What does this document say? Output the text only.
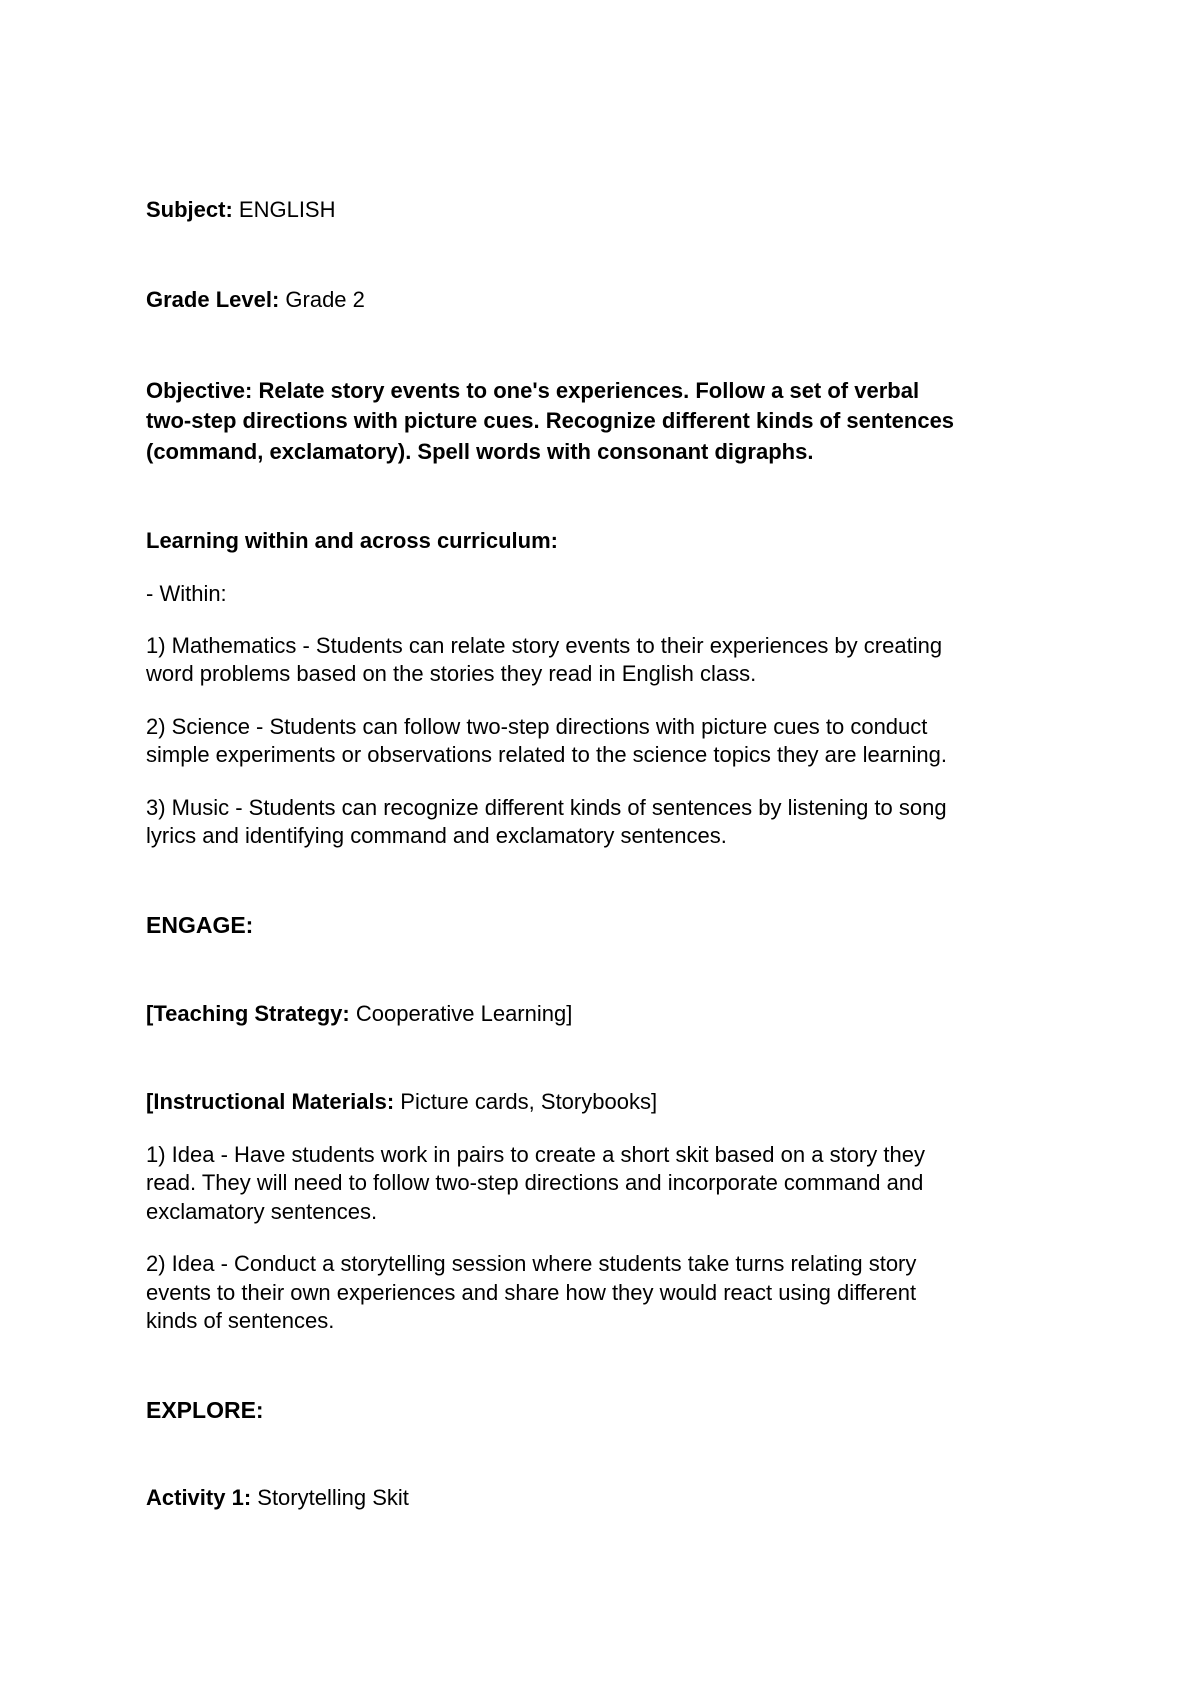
Subject: ENGLISH

Grade Level: Grade 2

Objective: Relate story events to one's experiences. Follow a set of verbal

two-step directions with picture cues. Recognize different kinds of sentences

(command, exclamatory). Spell words with consonant digraphs.

Learning within and across curriculum:

- Within:

1) Mathematics - Students can relate story events to their experiences by creating

word problems based on the stories they read in English class.

2) Science - Students can follow two-step directions with picture cues to conduct

simple experiments or observations related to the science topics they are learning.

3) Music - Students can recognize different kinds of sentences by listening to song

lyrics and identifying command and exclamatory sentences.

ENGAGE:

[Teaching Strategy: Cooperative Learning]

[Instructional Materials: Picture cards, Storybooks]

1) Idea - Have students work in pairs to create a short skit based on a story they

read. They will need to follow two-step directions and incorporate command and

exclamatory sentences.

2) Idea - Conduct a storytelling session where students take turns relating story

events to their own experiences and share how they would react using different

kinds of sentences.

EXPLORE:

Activity 1: Storytelling Skit
